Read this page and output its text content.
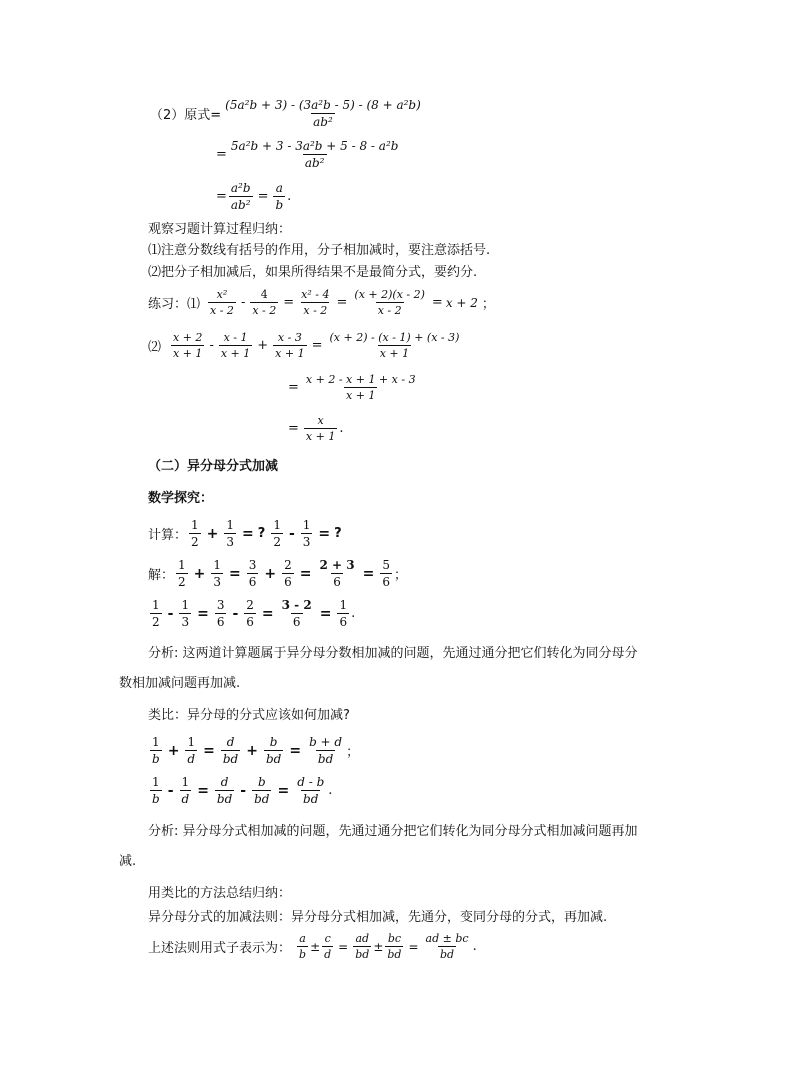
（2）原式= $\frac{\text{(5a²b + 3) - (3a²b - 5) - (8 + a²b)}}{\text{ab²}}$
= $\frac{\text{5a²b + 3 - 3a²b + 5 - 8 - a²b}}{\text{ab²}}$
= $\frac{\text{a²b}}{\text{ab²}} = \frac{a}{b}$ .
观察习题计算过程归纳：
⑴注意分数线有括号的作用，分子相加减时，要注意添括号.
⑵把分子相加减后，如果所得结果不是最简分式，要约分.
练习：⑴ $\frac{\text{x²}}{x - 2} - \frac{4}{x - 2} = \frac{\text{x² - 4}}{x - 2} = \frac{(x + 2)(x - 2)}{x - 2} = x + 2$ ；
⑵ $\frac{x + 2}{x + 1} - \frac{x - 1}{x + 1} + \frac{x - 3}{x + 1} = \frac{(x + 2) - (x - 1) + (x - 3)}{x + 1}$
= $\frac{x + 2 - x + 1 + x - 3}{x + 1}$
= $\frac{x}{x + 1}$ .
（二）异分母分式加减
数学探究：
计算： $\frac{1}{2} + \frac{1}{3}$ = ? $\frac{1}{2} - \frac{1}{3}$ = ?
解： $\frac{1}{2} + \frac{1}{3} = \frac{3}{6} + \frac{2}{6} = \frac{2 + 3}{6} = \frac{5}{6}$ ；
$\frac{1}{2} - \frac{1}{3} = \frac{3}{6} - \frac{2}{6} = \frac{3 - 2}{6} = \frac{1}{6}$ .
分析: 这两道计算题属于异分母分数相加减的问题，先通过通分把它们转化为同分母分
数相加减问题再加减.
类比：异分母的分式应该如何加减?
$\frac{1}{b} + \frac{1}{d} = \frac{d}{bd} + \frac{b}{bd} = \frac{b + d}{bd}$ ；
$\frac{1}{b} - \frac{1}{d} = \frac{d}{bd} - \frac{b}{bd} = \frac{d - b}{bd}$ .
分析: 异分母分式相加减的问题，先通过通分把它们转化为同分母分式相加减问题再加
减.
用类比的方法总结归纳：
异分母分式的加减法则：异分母分式相加减，先通分，变同分母的分式，再加减.
上述法则用式子表示为： $\frac{a}{b} \pm \frac{c}{d} = \frac{ad}{bd} \pm \frac{bc}{bd} = \frac{ad \pm bc}{bd}$ .
